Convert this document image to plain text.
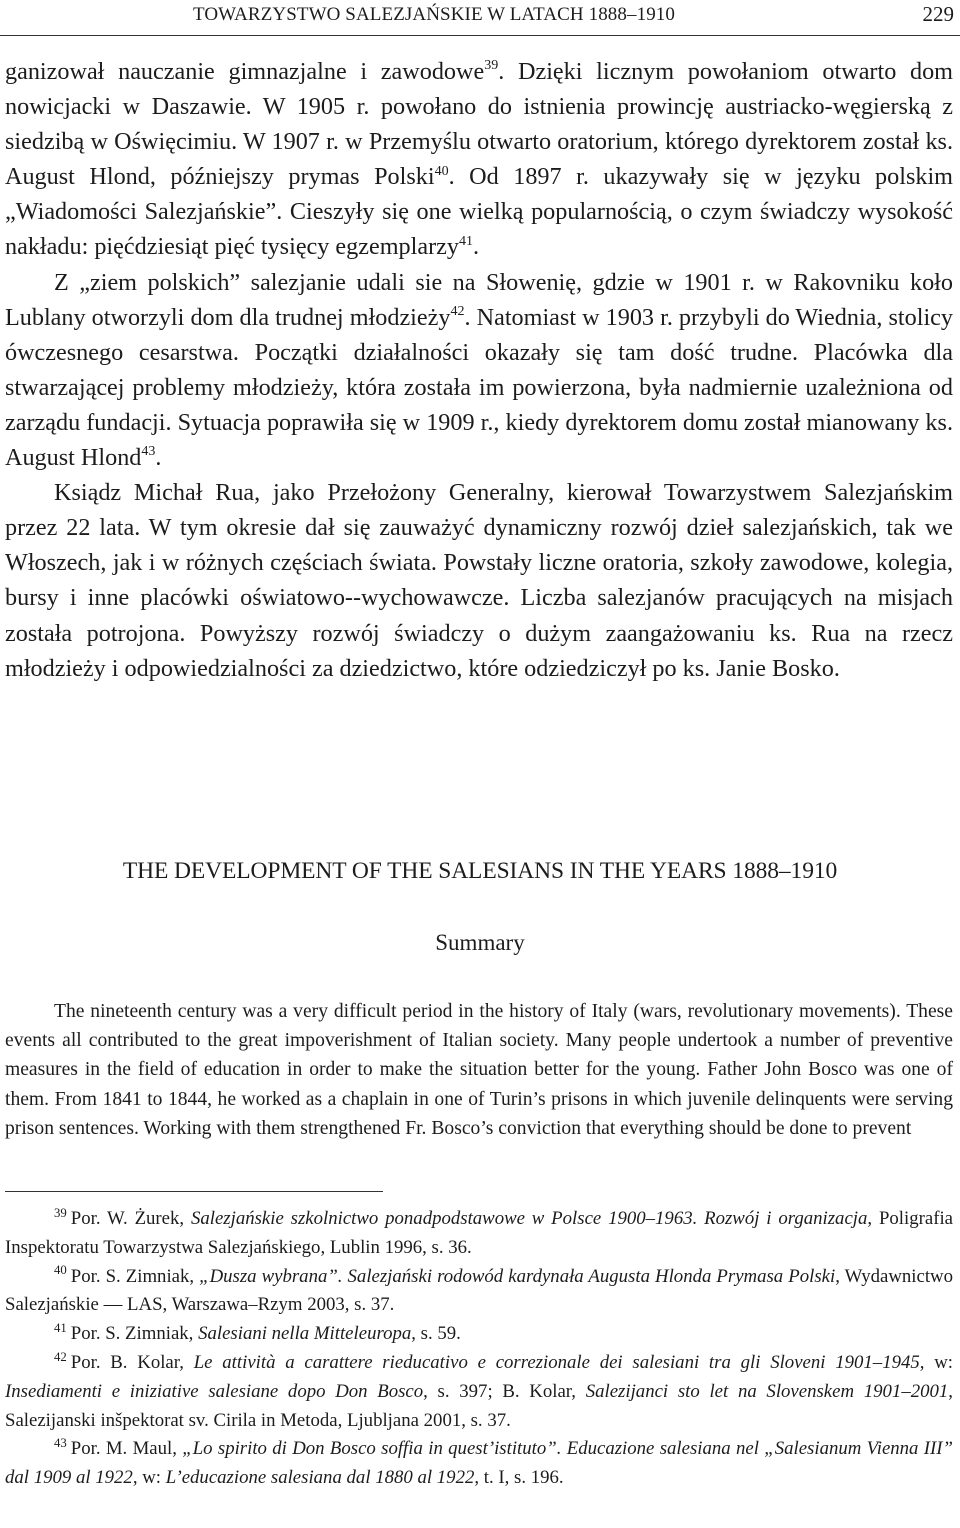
TOWARZYSTWO SALEZJAŃSKIE W LATACH 1888–1910	229

ganizował nauczanie gimnazjalne i zawodowe$^{39}$. Dzięki licznym powołaniom otwarto dom nowicjacki w Daszawie. W 1905 r. powołano do istnienia prowincję austriacko-węgierską z siedzibą w Oświęcimiu. W 1907 r. w Przemyślu otwarto oratorium, którego dyrektorem został ks. August Hlond, późniejszy prymas Polski$^{40}$. Od 1897 r. ukazywały się w języku polskim „Wiadomości Salezjańskie”. Cieszyły się one wielką popularnością, o czym świadczy wysokość nakładu: pięćdziesiąt pięć tysięcy egzemplarzy$^{41}$.

Z „ziem polskich” salezjanie udali sie na Słowenię, gdzie w 1901 r. w Rakovniku koło Lublany otworzyli dom dla trudnej młodzieży$^{42}$. Natomiast w 1903 r. przybyli do Wiednia, stolicy ówczesnego cesarstwa. Początki działalności okazały się tam dość trudne. Placówka dla stwarzającej problemy młodzieży, która została im powierzona, była nadmiernie uzależniona od zarządu fundacji. Sytuacja poprawiła się w 1909 r., kiedy dyrektorem domu został mianowany ks. August Hlond$^{43}$.

Ksiądz Michał Rua, jako Przełożony Generalny, kierował Towarzystwem Salezjańskim przez 22 lata. W tym okresie dał się zauważyć dynamiczny rozwój dzieł salezjańskich, tak we Włoszech, jak i w różnych częściach świata. Powstały liczne oratoria, szkoły zawodowe, kolegia, bursy i inne placówki oświatowo-​-wychowawcze. Liczba salezjanów pracujących na misjach została potrojona. Powyższy rozwój świadczy o dużym zaangażowaniu ks. Rua na rzecz młodzieży i odpowiedzialności za dziedzictwo, które odziedziczył po ks. Janie Bosko.

THE DEVELOPMENT OF THE SALESIANS IN THE YEARS 1888–1910
Summary

The nineteenth century was a very difficult period in the history of Italy (wars, revolutionary movements). These events all contributed to the great impoverishment of Italian society. Many people undertook a number of preventive measures in the field of education in order to make the situation better for the young. Father John Bosco was one of them. From 1841 to 1844, he worked as a chaplain in one of Turin’s prisons in which juvenile delinquents were serving prison sentences. Working with them strengthened Fr. Bosco’s conviction that everything should be done to prevent

$^{39}$ Por. W. Żurek, Salezjańskie szkolnictwo ponadpodstawowe w Polsce 1900–1963. Rozwój i organizacja, Poligrafia Inspektoratu Towarzystwa Salezjańskiego, Lublin 1996, s. 36.

$^{40}$ Por. S. Zimniak, „Dusza wybrana”. Salezjański rodowód kardynała Augusta Hlonda Prymasa Polski, Wydawnictwo Salezjańskie — LAS, Warszawa–Rzym 2003, s. 37.

$^{41}$ Por. S. Zimniak, Salesiani nella Mitteleuropa, s. 59.

$^{42}$ Por. B. Kolar, Le attività a carattere rieducativo e correzionale dei salesiani tra gli Sloveni 1901–1945, w: Insediamenti e iniziative salesiane dopo Don Bosco, s. 397; B. Kolar, Salezijanci sto let na Slovenskem 1901–2001, Salezijanski inšpektorat sv. Cirila in Metoda, Ljubljana 2001, s. 37.

$^{43}$ Por. M. Maul, „Lo spirito di Don Bosco soffia in quest’istituto”. Educazione salesiana nel „Salesianum Vienna III” dal 1909 al 1922, w: L’educazione salesiana dal 1880 al 1922, t. I, s. 196.
